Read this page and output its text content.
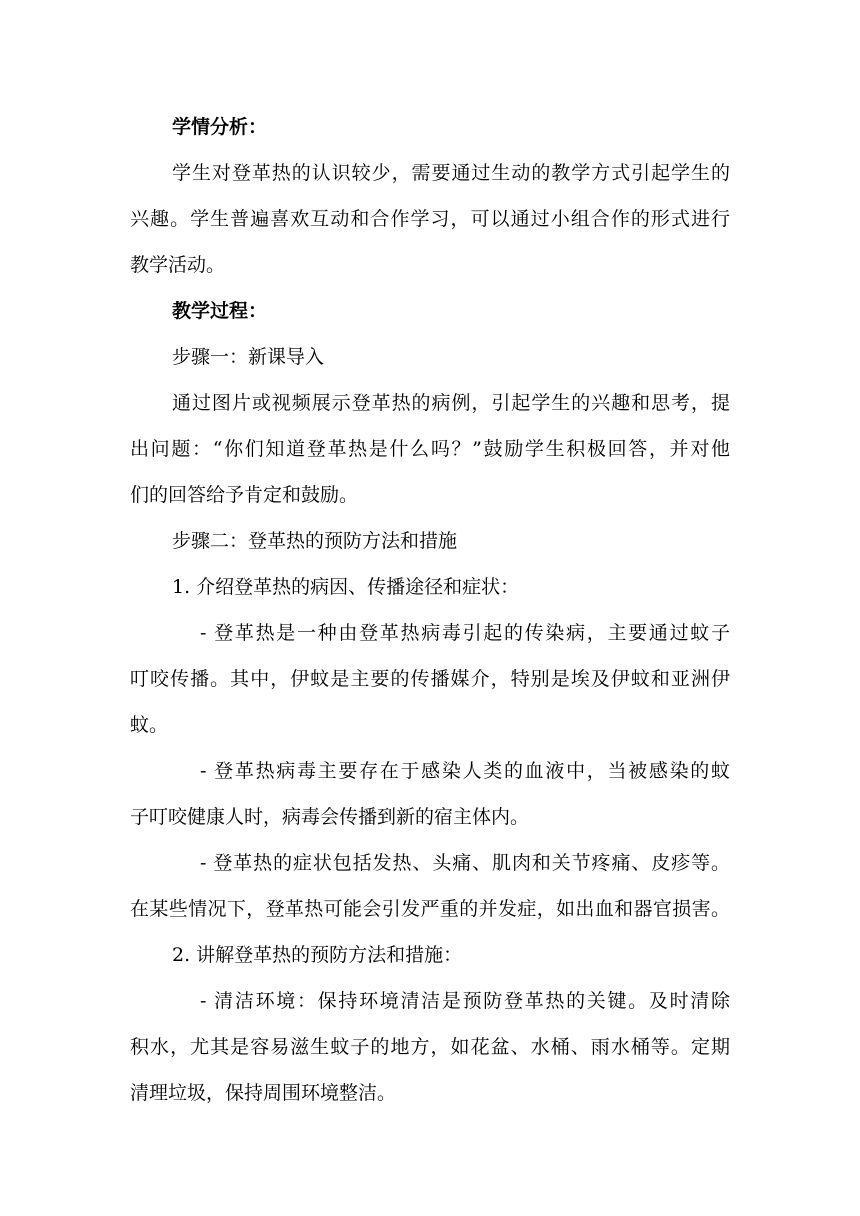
学情分析：
学生对登革热的认识较少，需要通过生动的教学方式引起学生的
兴趣。学生普遍喜欢互动和合作学习，可以通过小组合作的形式进行
教学活动。
教学过程：
步骤一：新课导入
通过图片或视频展示登革热的病例，引起学生的兴趣和思考，提
出问题：“你们知道登革热是什么吗？”鼓励学生积极回答，并对他
们的回答给予肯定和鼓励。
步骤二：登革热的预防方法和措施
1. 介绍登革热的病因、传播途径和症状：
- 登革热是一种由登革热病毒引起的传染病，主要通过蚊子
叮咬传播。其中，伊蚊是主要的传播媒介，特别是埃及伊蚊和亚洲伊
蚊。
- 登革热病毒主要存在于感染人类的血液中，当被感染的蚊
子叮咬健康人时，病毒会传播到新的宿主体内。
- 登革热的症状包括发热、头痛、肌肉和关节疼痛、皮疹等。
在某些情况下，登革热可能会引发严重的并发症，如出血和器官损害。
2. 讲解登革热的预防方法和措施：
- 清洁环境：保持环境清洁是预防登革热的关键。及时清除
积水，尤其是容易滋生蚊子的地方，如花盆、水桶、雨水桶等。定期
清理垃圾，保持周围环境整洁。
